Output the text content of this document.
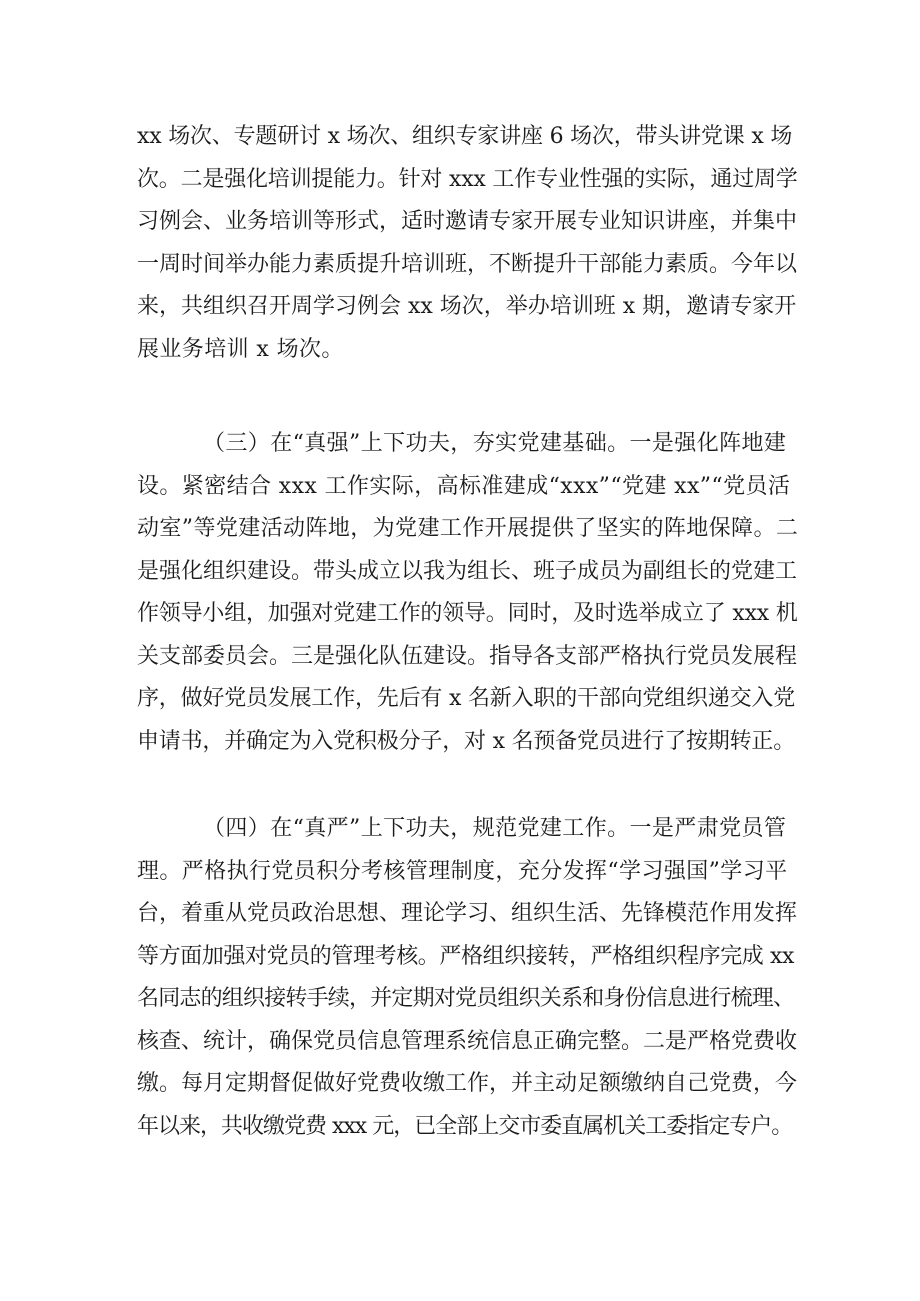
xx 场次、专题研讨 x 场次、组织专家讲座 6 场次，带头讲党课 x 场
次。二是强化培训提能力。针对 xxx 工作专业性强的实际，通过周学
习例会、业务培训等形式，适时邀请专家开展专业知识讲座，并集中
一周时间举办能力素质提升培训班，不断提升干部能力素质。今年以
来，共组织召开周学习例会 xx 场次，举办培训班 x 期，邀请专家开
展业务培训 x 场次。

（三）在“真强”上下功夫，夯实党建基础。一是强化阵地建
设。紧密结合 xxx 工作实际，高标准建成“xxx”“党建 xx”“党员活
动室”等党建活动阵地，为党建工作开展提供了坚实的阵地保障。二
是强化组织建设。带头成立以我为组长、班子成员为副组长的党建工
作领导小组，加强对党建工作的领导。同时，及时选举成立了 xxx 机
关支部委员会。三是强化队伍建设。指导各支部严格执行党员发展程
序，做好党员发展工作，先后有 x 名新入职的干部向党组织递交入党
申请书，并确定为入党积极分子，对 x 名预备党员进行了按期转正。

（四）在“真严”上下功夫，规范党建工作。一是严肃党员管
理。严格执行党员积分考核管理制度，充分发挥“学习强国”学习平
台，着重从党员政治思想、理论学习、组织生活、先锋模范作用发挥
等方面加强对党员的管理考核。严格组织接转，严格组织程序完成 xx
名同志的组织接转手续，并定期对党员组织关系和身份信息进行梳理、
核查、统计，确保党员信息管理系统信息正确完整。二是严格党费收
缴。每月定期督促做好党费收缴工作，并主动足额缴纳自己党费，今
年以来，共收缴党费 xxx 元，已全部上交市委直属机关工委指定专户。
